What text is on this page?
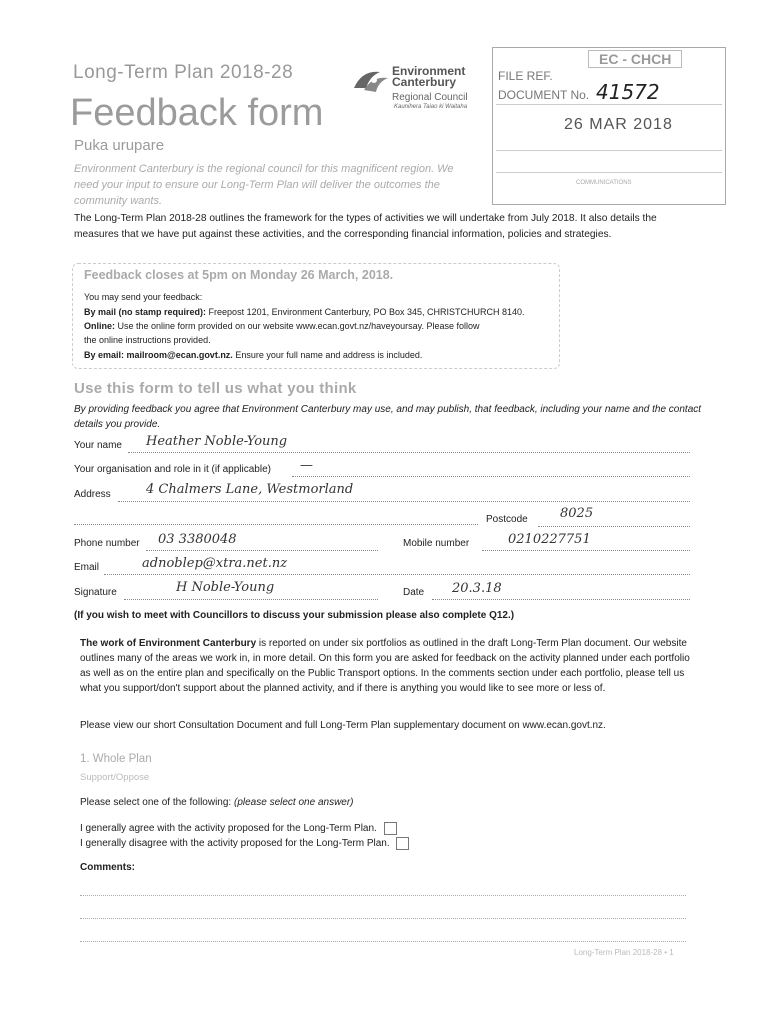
Long-Term Plan 2018-28
Feedback form
Puka urupare
Environment Canterbury is the regional council for this magnificent region. We need your input to ensure our Long-Term Plan will deliver the outcomes the community wants.
Environment
Canterbury
Regional Council
Kaunihera Taiao ki Waitaha
EC - CHCH
FILE REF.
DOCUMENT No. 41572
26 MAR 2018
COMMUNICATIONS
The Long-Term Plan 2018-28 outlines the framework for the types of activities we will undertake from July 2018. It also details the measures that we have put against these activities, and the corresponding financial information, policies and strategies.
Feedback closes at 5pm on Monday 26 March, 2018.
You may send your feedback:
By mail (no stamp required): Freepost 1201, Environment Canterbury, PO Box 345, CHRISTCHURCH 8140.
Online: Use the online form provided on our website www.ecan.govt.nz/haveyoursay. Please follow
the online instructions provided.
By email: mailroom@ecan.govt.nz. Ensure your full name and address is included.
Use this form to tell us what you think
By providing feedback you agree that Environment Canterbury may use, and may publish, that feedback, including your name and the contact details you provide.
Your name Heather Noble-Young
Your organisation and role in it (if applicable) —
Address	4 Chalmers Lane, Westmorland
Postcode 8025
Phone number 03 3380048	Mobile number	0210227751
Email	adnoblep@xtra.net.nz
Signature	H Noble-Young	Date 20.3.18
(If you wish to meet with Councillors to discuss your submission please also complete Q12.)
The work of Environment Canterbury is reported on under six portfolios as outlined in the draft Long-Term Plan document. Our website outlines many of the areas we work in, in more detail. On this form you are asked for feedback on the activity planned under each portfolio as well as on the entire plan and specifically on the Public Transport options. In the comments section under each portfolio, please tell us what you support/don't support about the planned activity, and if there is anything you would like to see more or less of.
Please view our short Consultation Document and full Long-Term Plan supplementary document on www.ecan.govt.nz.
1. Whole Plan
Support/Oppose
Please select one of the following: (please select one answer)
I generally agree with the activity proposed for the Long-Term Plan.
I generally disagree with the activity proposed for the Long-Term Plan.
Comments:
Long-Term Plan 2018-28 • 1
